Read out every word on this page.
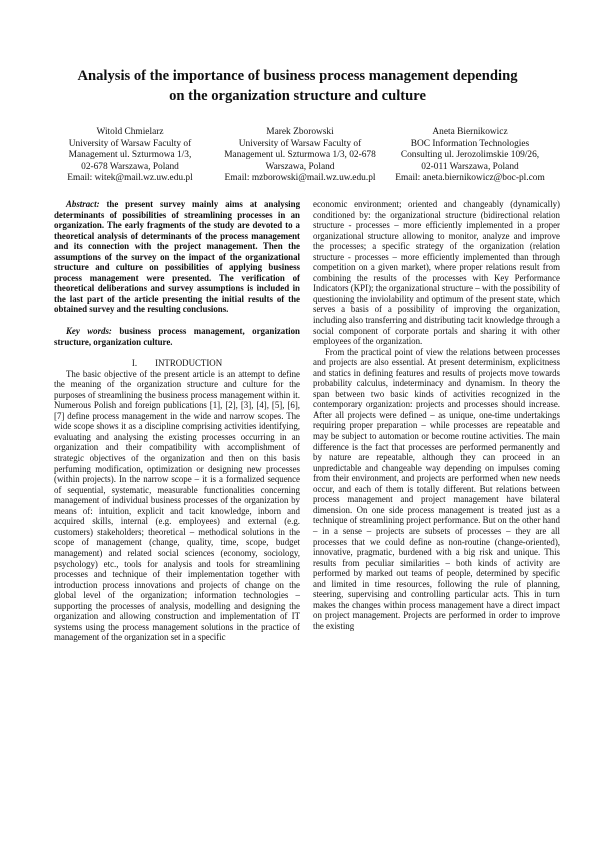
Analysis of the importance of business process management depending
on the organization structure and culture
Witold Chmielarz
University of Warsaw Faculty of
Management ul. Szturmowa 1/3,
02-678 Warszawa, Poland
Email: witek@mail.wz.uw.edu.pl
Marek Zborowski
University of Warsaw Faculty of
Management ul. Szturmowa 1/3, 02-678
Warszawa, Poland
Email: mzborowski@mail.wz.uw.edu.pl
Aneta Biernikowicz
BOC Information Technologies
Consulting ul. Jerozolimskie 109/26,
02-011 Warszawa, Poland
Email: aneta.biernikowicz@boc-pl.com

Abstract: the present survey mainly aims at analysing determinants of possibilities of streamlining processes in an organization. The early fragments of the study are devoted to a theoretical analysis of determinants of the process management and its connection with the project management. Then the assumptions of the survey on the impact of the organizational structure and culture on possibilities of applying business process management were presented. The verification of theoretical deliberations and survey assumptions is included in the last part of the article presenting the initial results of the obtained survey and the resulting conclusions.

Key words: business process management, organization structure, organization culture.

I. INTRODUCTION

The basic objective of the present article is an attempt to define the meaning of the organization structure and culture for the purposes of streamlining the business process management within it. Numerous Polish and foreign publications [1], [2], [3], [4], [5], [6], [7] define process management in the wide and narrow scopes. The wide scope shows it as a discipline comprising activities identifying, evaluating and analysing the existing processes occurring in an organization and their compatibility with accomplishment of strategic objectives of the organization and then on this basis perfuming modification, optimization or designing new processes (within projects). In the narrow scope – it is a formalized sequence of sequential, systematic, measurable functionalities concerning management of individual business processes of the organization by means of: intuition, explicit and tacit knowledge, inborn and acquired skills, internal (e.g. employees) and external (e.g. customers) stakeholders; theoretical – methodical solutions in the scope of management (change, quality, time, scope, budget management) and related social sciences (economy, sociology, psychology) etc., tools for analysis and tools for streamlining processes and technique of their implementation together with introduction process innovations and projects of change on the global level of the organization; information technologies – supporting the processes of analysis, modelling and designing the organization and allowing construction and implementation of IT systems using the process management solutions in the practice of management of the organization set in a specific

economic environment; oriented and changeably (dynamically) conditioned by: the organizational structure (bidirectional relation structure - processes – more efficiently implemented in a proper organizational structure allowing to monitor, analyze and improve the processes; a specific strategy of the organization (relation structure - processes – more efficiently implemented than through competition on a given market), where proper relations result from combining the results of the processes with Key Performance Indicators (KPI); the organizational structure – with the possibility of questioning the inviolability and optimum of the present state, which serves a basis of a possibility of improving the organization, including also transferring and distributing tacit knowledge through a social component of corporate portals and sharing it with other employees of the organization.

From the practical point of view the relations between processes and projects are also essential. At present determinism, explicitness and statics in defining features and results of projects move towards probability calculus, indeterminacy and dynamism. In theory the span between two basic kinds of activities recognized in the contemporary organization: projects and processes should increase. After all projects were defined – as unique, one-time undertakings requiring proper preparation – while processes are repeatable and may be subject to automation or become routine activities. The main difference is the fact that processes are performed permanently and by nature are repeatable, although they can proceed in an unpredictable and changeable way depending on impulses coming from their environment, and projects are performed when new needs occur, and each of them is totally different. But relations between process management and project management have bilateral dimension. On one side process management is treated just as a technique of streamlining project performance. But on the other hand – in a sense – projects are subsets of processes – they are all processes that we could define as non-routine (change-oriented), innovative, pragmatic, burdened with a big risk and unique. This results from peculiar similarities – both kinds of activity are performed by marked out teams of people, determined by specific and limited in time resources, following the rule of planning, steering, supervising and controlling particular acts. This in turn makes the changes within process management have a direct impact on project management. Projects are performed in order to improve the existing
